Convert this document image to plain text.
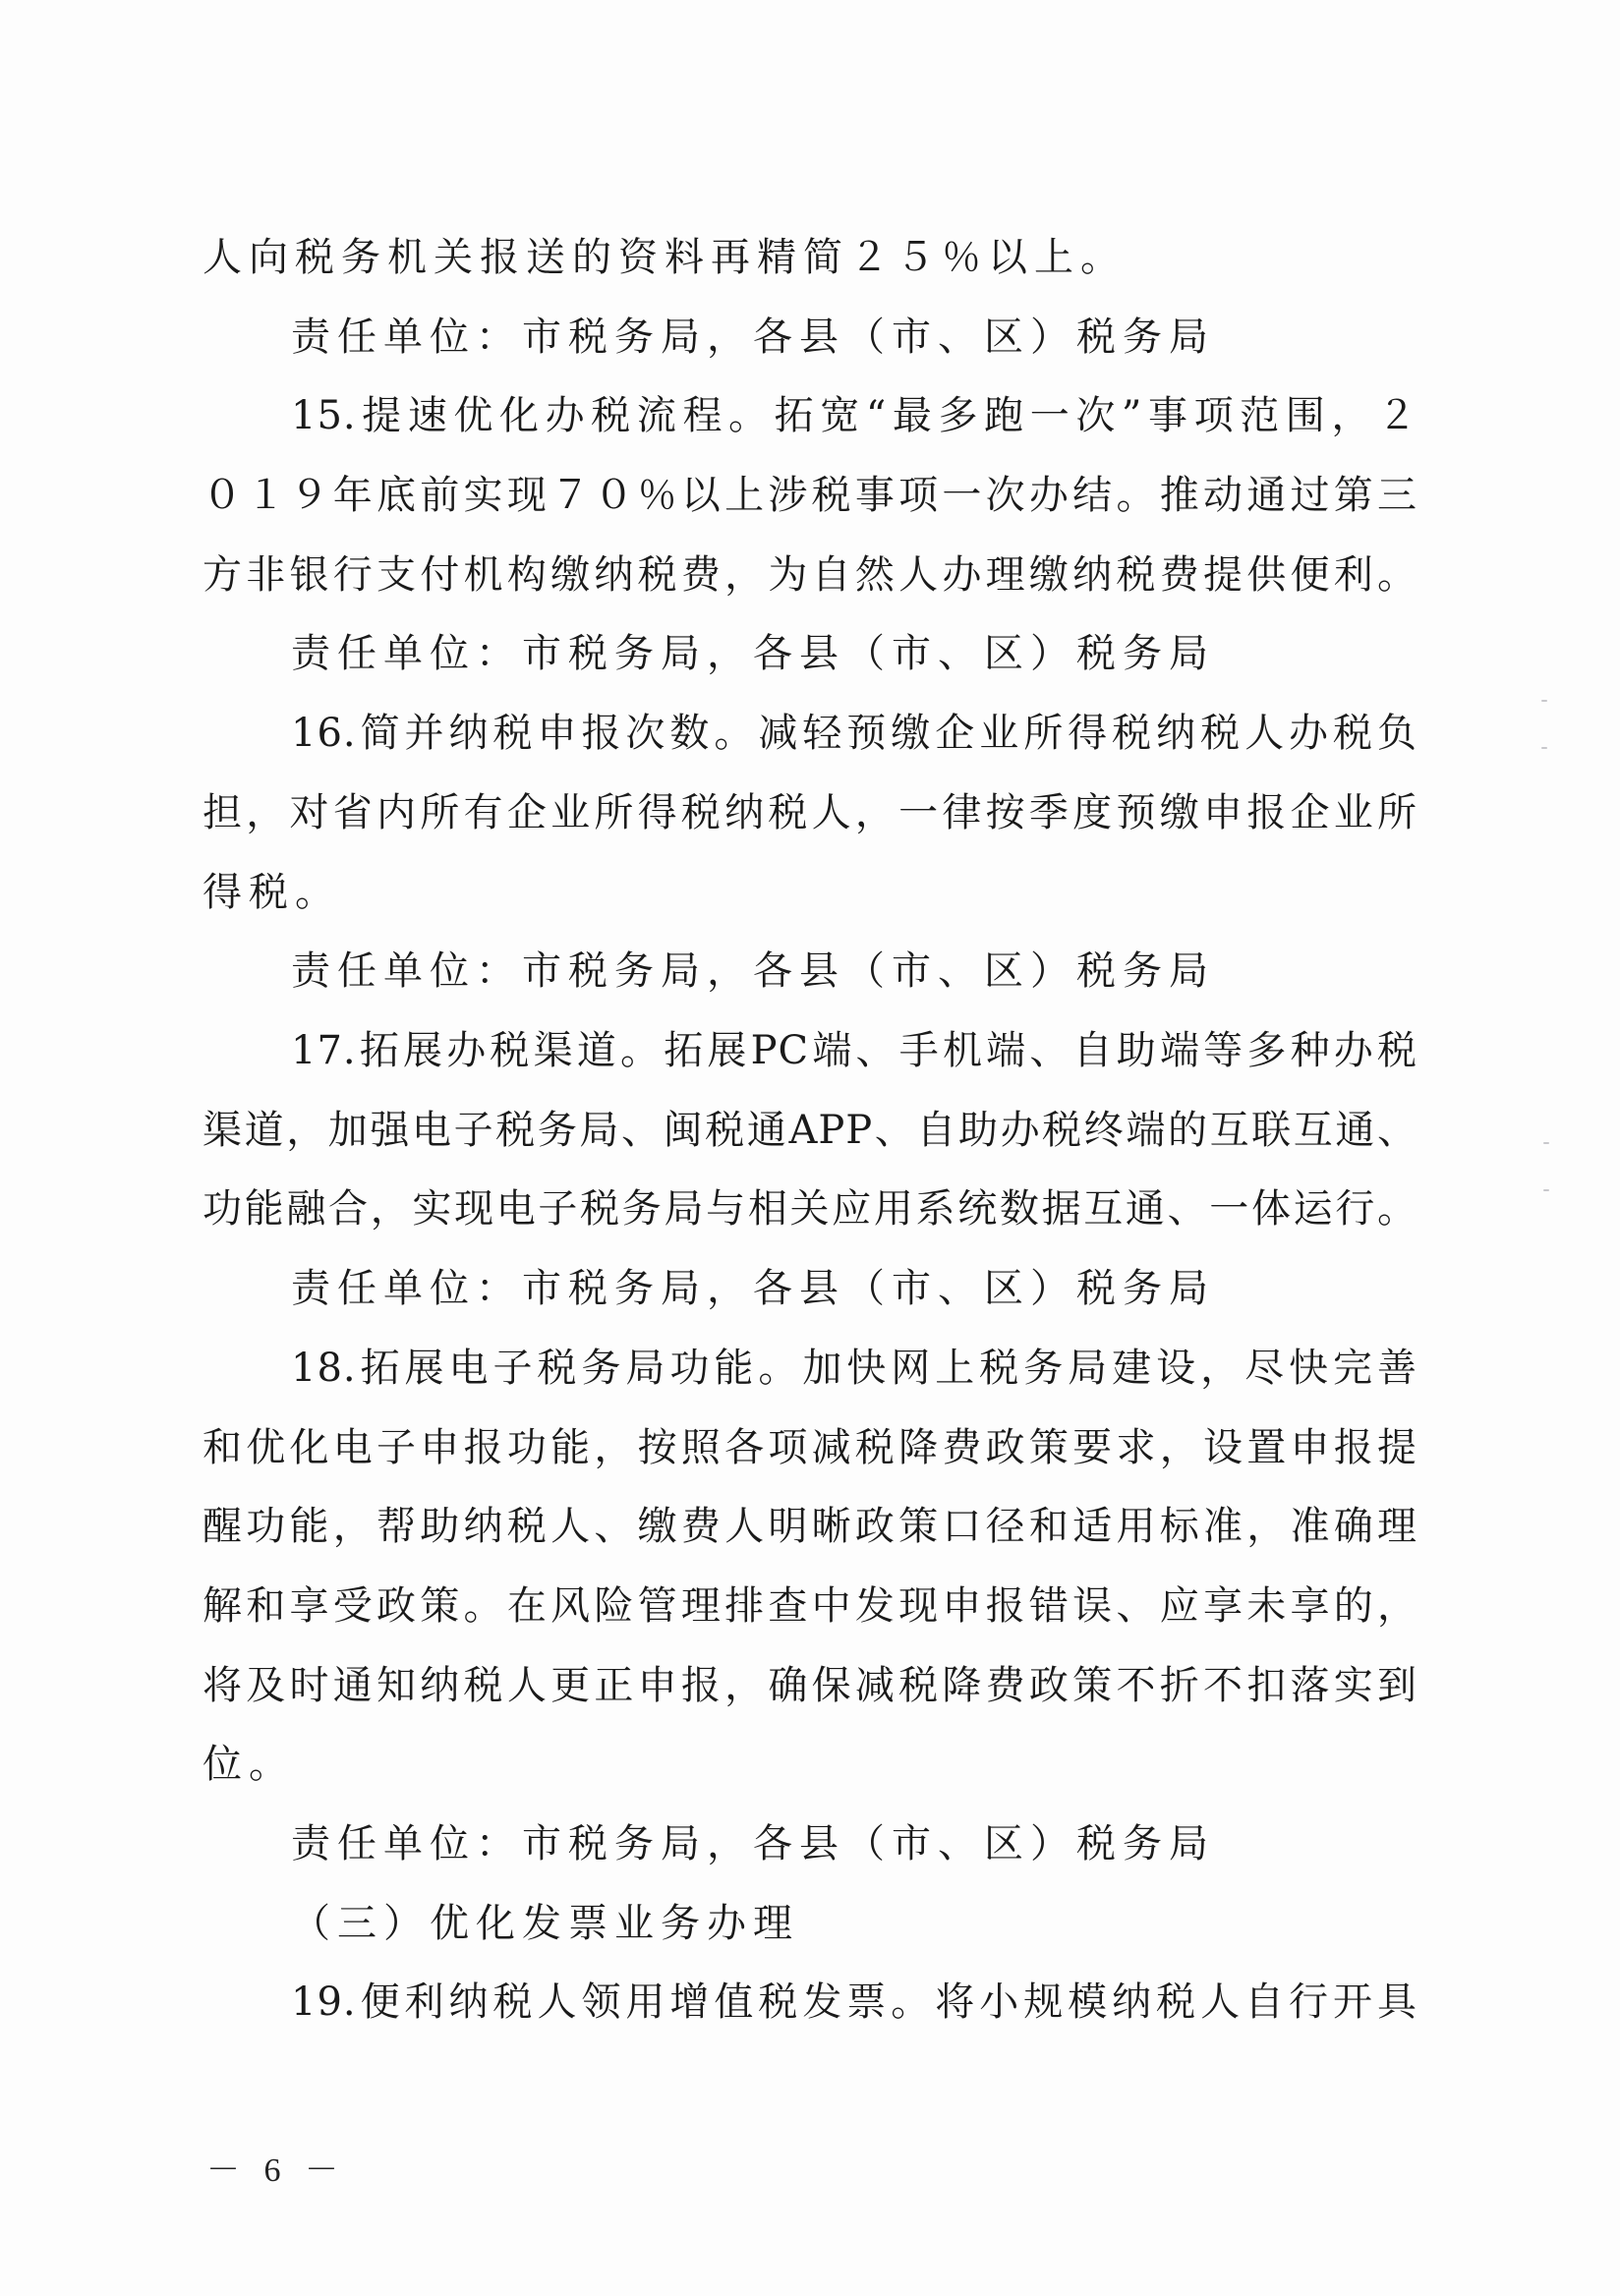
人向税务机关报送的资料再精简２５％以上。
责任单位：市税务局，各县（市、区）税务局
15.提速优化办税流程。拓宽“最多跑一次”事项范围，２
０１９年底前实现７０％以上涉税事项一次办结。推动通过第三
方非银行支付机构缴纳税费，为自然人办理缴纳税费提供便利。
责任单位：市税务局，各县（市、区）税务局
16.简并纳税申报次数。减轻预缴企业所得税纳税人办税负
担，对省内所有企业所得税纳税人，一律按季度预缴申报企业所
得税。
责任单位：市税务局，各县（市、区）税务局
17.拓展办税渠道。拓展PC端、手机端、自助端等多种办税
渠道，加强电子税务局、闽税通APP、自助办税终端的互联互通、
功能融合，实现电子税务局与相关应用系统数据互通、一体运行。
责任单位：市税务局，各县（市、区）税务局
18.拓展电子税务局功能。加快网上税务局建设，尽快完善
和优化电子申报功能，按照各项减税降费政策要求，设置申报提
醒功能，帮助纳税人、缴费人明晰政策口径和适用标准，准确理
解和享受政策。在风险管理排查中发现申报错误、应享未享的，
将及时通知纳税人更正申报，确保减税降费政策不折不扣落实到
位。
责任单位：市税务局，各县（市、区）税务局
（三）优化发票业务办理
19.便利纳税人领用增值税发票。将小规模纳税人自行开具
－ 6 －
